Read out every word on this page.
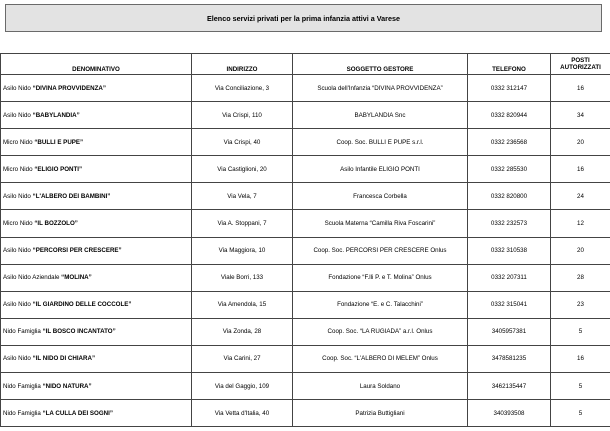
Elenco servizi privati per la prima infanzia attivi a Varese
DENOMINATIVO	INDIRIZZO	SOGGETTO GESTORE	TELEFONO	POSTI
AUTORIZZATI
Asilo Nido “DIVINA PROVVIDENZA”	Via Conciliazione, 3	Scuola dell'Infanzia “DIVINA PROVVIDENZA”	0332 312147	16
Asilo Nido “BABYLANDIA”	Via Crispi, 110	BABYLANDIA Snc	0332 820944	34
Micro Nido “BULLI E PUPE”	Via Crispi, 40	Coop. Soc. BULLI E PUPE s.r.l.	0332 236568	20
Micro Nido “ELIGIO PONTI”	Via Castiglioni, 20	Asilo Infantile ELIGIO PONTI	0332 285530	16
Asilo Nido “L'ALBERO DEI BAMBINI”	Via Vela, 7	Francesca Corbella	0332 820800	24
Micro Nido “IL BOZZOLO”	Via A. Stoppani, 7	Scuola Materna “Camilla Riva Foscarini”	0332 232573	12
Asilo Nido “PERCORSI PER CRESCERE”	Via Maggiora, 10	Coop. Soc. PERCORSI PER CRESCERE Onlus	0332 310538	20
Asilo Nido Aziendale “MOLINA”	Viale Borri, 133	Fondazione “F.lli P. e T. Molina” Onlus	0332 207311	28
Asilo Nido “IL GIARDINO DELLE COCCOLE”	Via Amendola, 15	Fondazione “E. e C. Talacchini”	0332 315041	23
Nido Famiglia “IL BOSCO INCANTATO”	Via Zonda, 28	Coop. Soc. “LA RUGIADA” a.r.l. Onlus	3405957381	5
Asilo Nido “IL NIDO DI CHIARA”	Via Carini, 27	Coop. Soc. “L'ALBERO DI MELEM” Onlus	3478581235	16
Nido Famiglia “NIDO NATURA”	Via del Gaggio, 109	Laura Soldano	3462135447	5
Nido Famiglia “LA CULLA DEI SOGNI”	Via Vetta d'Italia, 40	Patrizia Buttigliani	340393508	5
